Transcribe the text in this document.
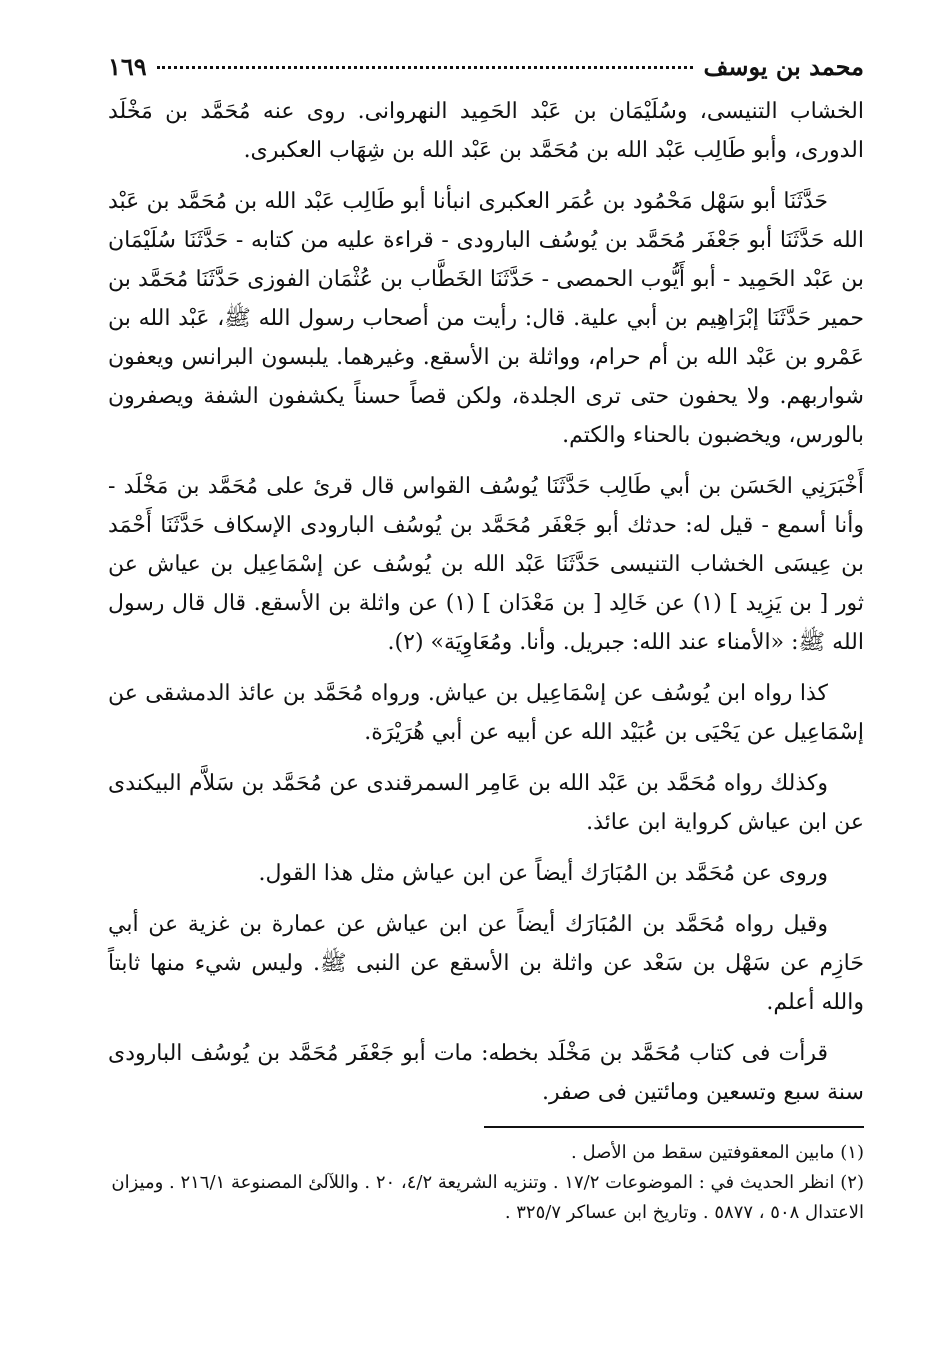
محمد بن يوسف
١٦٩

الخشاب التنيسى، وسُلَيْمَان بن عَبْد الحَمِيد النهروانى. روى عنه مُحَمَّد بن مَخْلَد الدورى، وأبو طَالِب عَبْد الله بن مُحَمَّد بن عَبْد الله بن شِهَاب العكبرى.

حَدَّثَنَا أبو سَهْل مَحْمُود بن عُمَر العكبرى انبأنا أبو طَالِب عَبْد الله بن مُحَمَّد بن عَبْد الله حَدَّثَنَا أبو جَعْفَر مُحَمَّد بن يُوسُف البارودى - قراءة عليه من كتابه - حَدَّثَنَا سُلَيْمَان بن عَبْد الحَمِيد - أبو أَيُّوب الحمصى - حَدَّثَنَا الخَطَّاب بن عُثْمَان الفوزى حَدَّثَنَا مُحَمَّد بن حمير حَدَّثَنَا إبْرَاهِيم بن أبي علية. قال: رأيت من أصحاب رسول الله ﷺ، عَبْد الله بن عَمْرو بن عَبْد الله بن أم حرام، وواثلة بن الأسقع. وغيرهما. يلبسون البرانس ويعفون شواربهم. ولا يحفون حتى ترى الجلدة، ولكن قصاً حسناً يكشفون الشفة ويصفرون بالورس، ويخضبون بالحناء والكتم.

أَخْبَرَنِي الحَسَن بن أبي طَالِب حَدَّثَنَا يُوسُف القواس قال قرئ على مُحَمَّد بن مَخْلَد - وأنا أسمع - قيل له: حدثك أبو جَعْفَر مُحَمَّد بن يُوسُف البارودى الإسكاف حَدَّثَنَا أَحْمَد بن عِيسَى الخشاب التنيسى حَدَّثَنَا عَبْد الله بن يُوسُف عن إسْمَاعِيل بن عياش عن ثور [ بن يَزِيد ] (١) عن خَالِد [ بن مَعْدَان ] (١) عن واثلة بن الأسقع. قال قال رسول الله ﷺ: «الأمناء عند الله: جبريل. وأنا. ومُعَاوِيَة» (٢).

كذا رواه ابن يُوسُف عن إسْمَاعِيل بن عياش. ورواه مُحَمَّد بن عائذ الدمشقى عن إسْمَاعِيل عن يَحْيَى بن عُبَيْد الله عن أبيه عن أبي هُرَيْرَة.

وكذلك رواه مُحَمَّد بن عَبْد الله بن عَامِر السمرقندى عن مُحَمَّد بن سَلاَّم البيكندى عن ابن عياش كرواية ابن عائذ.

وروى عن مُحَمَّد بن المُبَارَك أيضاً عن ابن عياش مثل هذا القول.

وقيل رواه مُحَمَّد بن المُبَارَك أيضاً عن ابن عياش عن عمارة بن غزية عن أبي حَازِم عن سَهْل بن سَعْد عن واثلة بن الأسقع عن النبى ﷺ. وليس شيء منها ثابتاً والله أعلم.

قرأت فى كتاب مُحَمَّد بن مَخْلَد بخطه: مات أبو جَعْفَر مُحَمَّد بن يُوسُف البارودى سنة سبع وتسعين ومائتين فى صفر.

(١) مابين المعقوفتين سقط من الأصل .

(٢) انظر الحديث في : الموضوعات ١٧/٢ . وتنزيه الشريعة ٤/٢، ٢٠ . واللآلئ المصنوعة ٢١٦/١ . وميزان الاعتدال ٥٠٨ ، ٥٨٧٧ . وتاريخ ابن عساكر ٣٢٥/٧ .
